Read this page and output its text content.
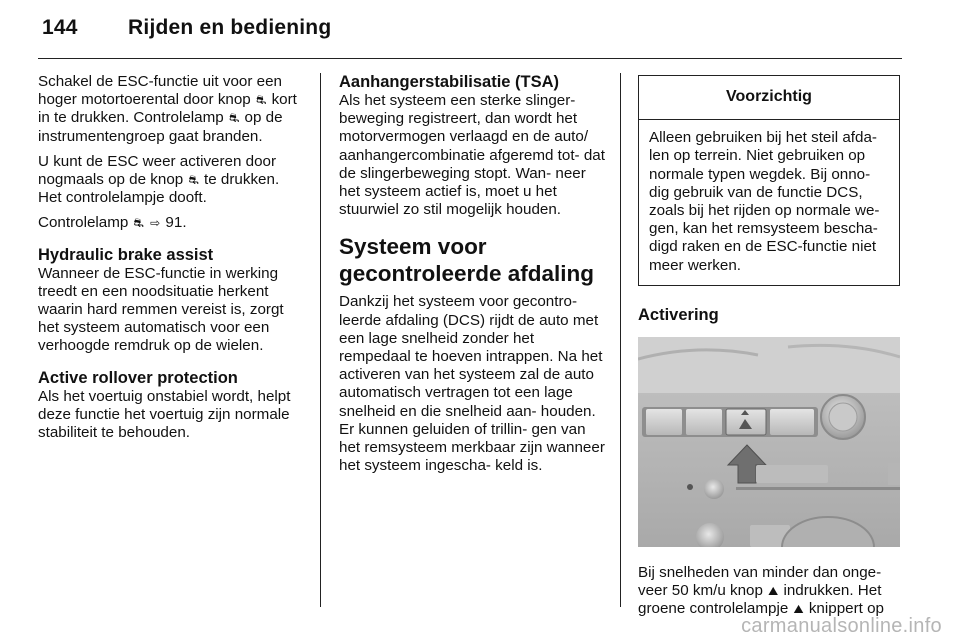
144 Rijden en bediening

Schakel de ESC-functie uit voor een hoger motortoerental door knop ⛐ kort in te drukken. Controlelamp ⛐ op de instrumentengroep gaat branden.

U kunt de ESC weer activeren door nogmaals op de knop ⛐ te drukken. Het controlelampje dooft.

Controlelamp ⛐ ⇨ 91.

Hydraulic brake assist

Wanneer de ESC-functie in werking treedt en een noodsituatie herkent waarin hard remmen vereist is, zorgt het systeem automatisch voor een verhoogde remdruk op de wielen.

Active rollover protection

Als het voertuig onstabiel wordt, helpt deze functie het voertuig zijn normale stabiliteit te behouden.

Aanhangerstabilisatie (TSA)

Als het systeem een sterke slinger- beweging registreert, dan wordt het motorvermogen verlaagd en de auto/ aanhangercombinatie afgeremd tot- dat de slingerbeweging stopt. Wan- neer het systeem actief is, moet u het stuurwiel zo stil mogelijk houden.

Systeem voor gecontroleerde afdaling

Dankzij het systeem voor gecontro- leerde afdaling (DCS) rijdt de auto met een lage snelheid zonder het rempedaal te hoeven intrappen. Na het activeren van het systeem zal de auto automatisch vertragen tot een lage snelheid en die snelheid aan- houden. Er kunnen geluiden of trillin- gen van het remsysteem merkbaar zijn wanneer het systeem ingescha- keld is.

Voorzichtig
Alleen gebruiken bij het steil afda- len op terrein. Niet gebruiken op normale typen wegdek. Bij onno- dig gebruik van de functie DCS, zoals bij het rijden op normale we- gen, kan het remsysteem bescha- digd raken en de ESC-functie niet meer werken.
Activering

Bij snelheden van minder dan onge- veer 50 km/u knop ⛰ indrukken. Het groene controlelampje ⛰ knippert op

carmanualsonline.info
